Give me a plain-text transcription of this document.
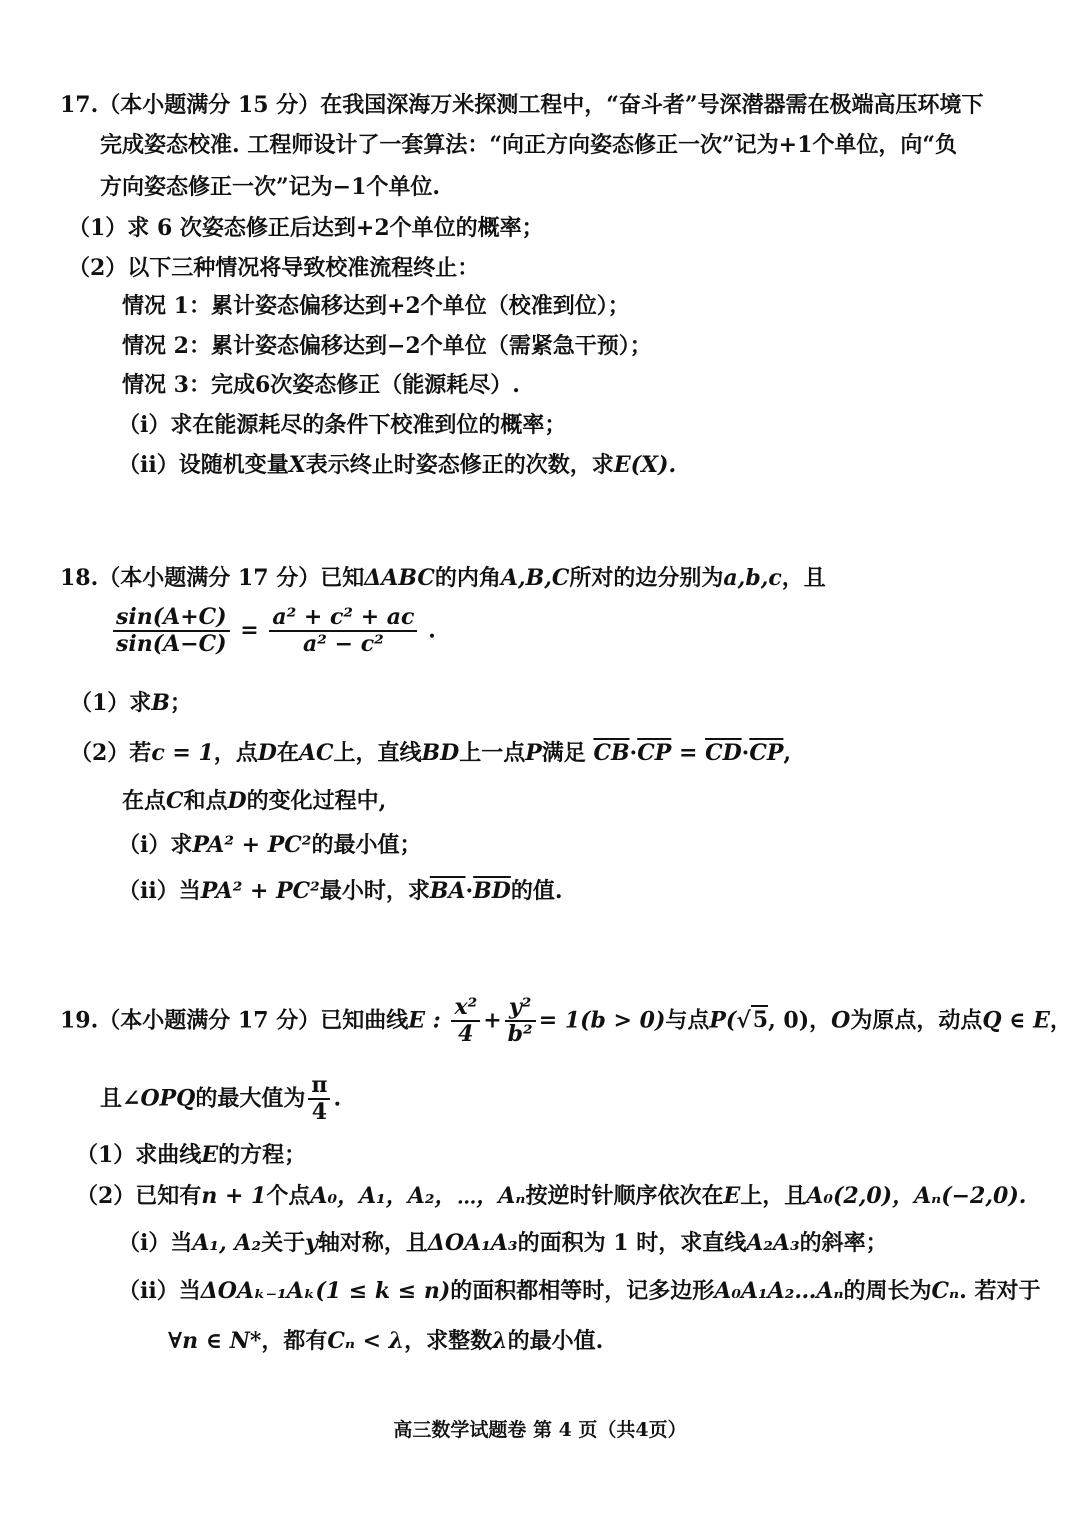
17.（本小题满分 15 分）在我国深海万米探测工程中，“奋斗者”号深潜器需在极端高压环境下
完成姿态校准. 工程师设计了一套算法：“向正方向姿态修正一次”记为+1个单位，向“负
方向姿态修正一次”记为−1个单位.
（1）求 6 次姿态修正后达到+2个单位的概率；
（2）以下三种情况将导致校准流程终止：
情况 1：累计姿态偏移达到+2个单位（校准到位）；
情况 2：累计姿态偏移达到−2个单位（需紧急干预）；
情况 3：完成6次姿态修正（能源耗尽）.
（i）求在能源耗尽的条件下校准到位的概率；
（ii）设随机变量X表示终止时姿态修正的次数，求E(X).
18.（本小题满分 17 分）已知ΔABC的内角A,B,C所对的边分别为a,b,c，且
$\frac{\sin(A+C)}{\sin(A-C)} = \frac{\text{a² + c² + ac}}{\text{a² − c²}}$ .
（1）求B；
（2）若c = 1，点D在AC上，直线BD上一点P满足 $\overline{CB}\cdot\overline{CP} = \overline{CD}\cdot\overline{CP}$,
在点C和点D的变化过程中,
（i）求PA² + PC²的最小值；
（ii）当PA² + PC²最小时，求$\overline{BA}\cdot\overline{BD}$的值.
19.（本小题满分 17 分）已知曲线E : $\frac{\text{x²}}{4} + \frac{\text{y²}}{\text{b²}} = 1(b > 0)$与点P(√5, 0)，O为原点，动点Q ∈ E，
且∠OPQ的最大值为 $\frac{\pi}{4}$ .
（1）求曲线E的方程；
（2）已知有n + 1个点A₀，A₁，A₂，⋯，Aₙ按逆时针顺序依次在E上，且A₀(2,0)，Aₙ(−2,0).
（i）当A₁, A₂关于y轴对称，且ΔOA₁A₃的面积为 1 时，求直线A₂A₃的斜率；
（ii）当ΔOAₖ₋₁Aₖ(1 ≤ k ≤ n)的面积都相等时，记多边形A₀A₁A₂…Aₙ的周长为Cₙ. 若对于
∀n ∈ N*，都有Cₙ < λ，求整数λ的最小值.
高三数学试题卷 第 4 页（共4页）
